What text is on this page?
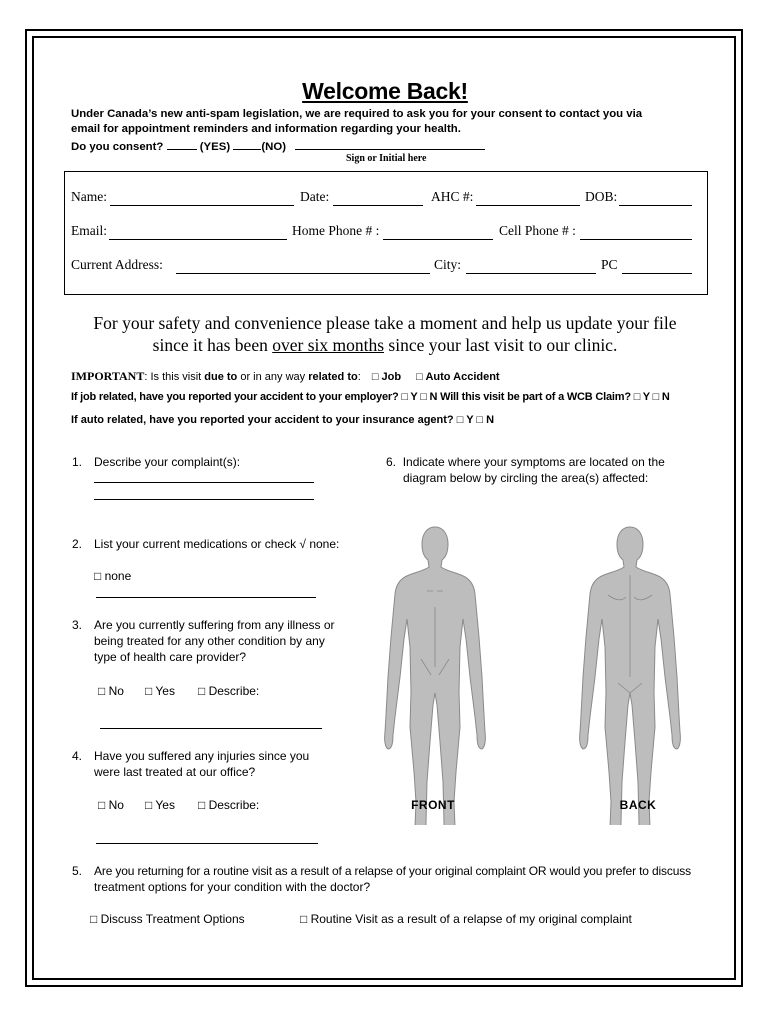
Welcome Back!
Under Canada’s new anti-spam legislation, we are required to ask you for your consent to contact you via
email for appointment reminders and information regarding your health.
Do you consent?	(YES)	(NO)
Sign or Initial here
Name:	Date:	AHC #:	DOB:
Email:	Home Phone # :	Cell Phone # :
Current Address:	City:	PC
For your safety and convenience please take a moment and help us update your file
since it has been over six months since your last visit to our clinic.
IMPORTANT: Is this visit due to or in any way related to: □ Job □ Auto Accident
If job related, have you reported your accident to your employer? □ Y □ N Will this visit be part of a WCB Claim? □ Y □ N
If auto related, have you reported your accident to your insurance agent? □ Y □ N
1. Describe your complaint(s):
2. List your current medications or check √ none:
□ none
3. Are you currently suffering from any illness or
being treated for any other condition by any
type of health care provider?
□ No □ Yes □ Describe:
4. Have you suffered any injuries since you
were last treated at our office?
□ No □ Yes □ Describe:
5. Are you returning for a routine visit as a result of a relapse of your original complaint OR would you prefer to discuss
treatment options for your condition with the doctor?
□ Discuss Treatment Options	□ Routine Visit as a result of a relapse of my original complaint
6. Indicate where your symptoms are located on the
diagram below by circling the area(s) affected:
FRONT	BACK
